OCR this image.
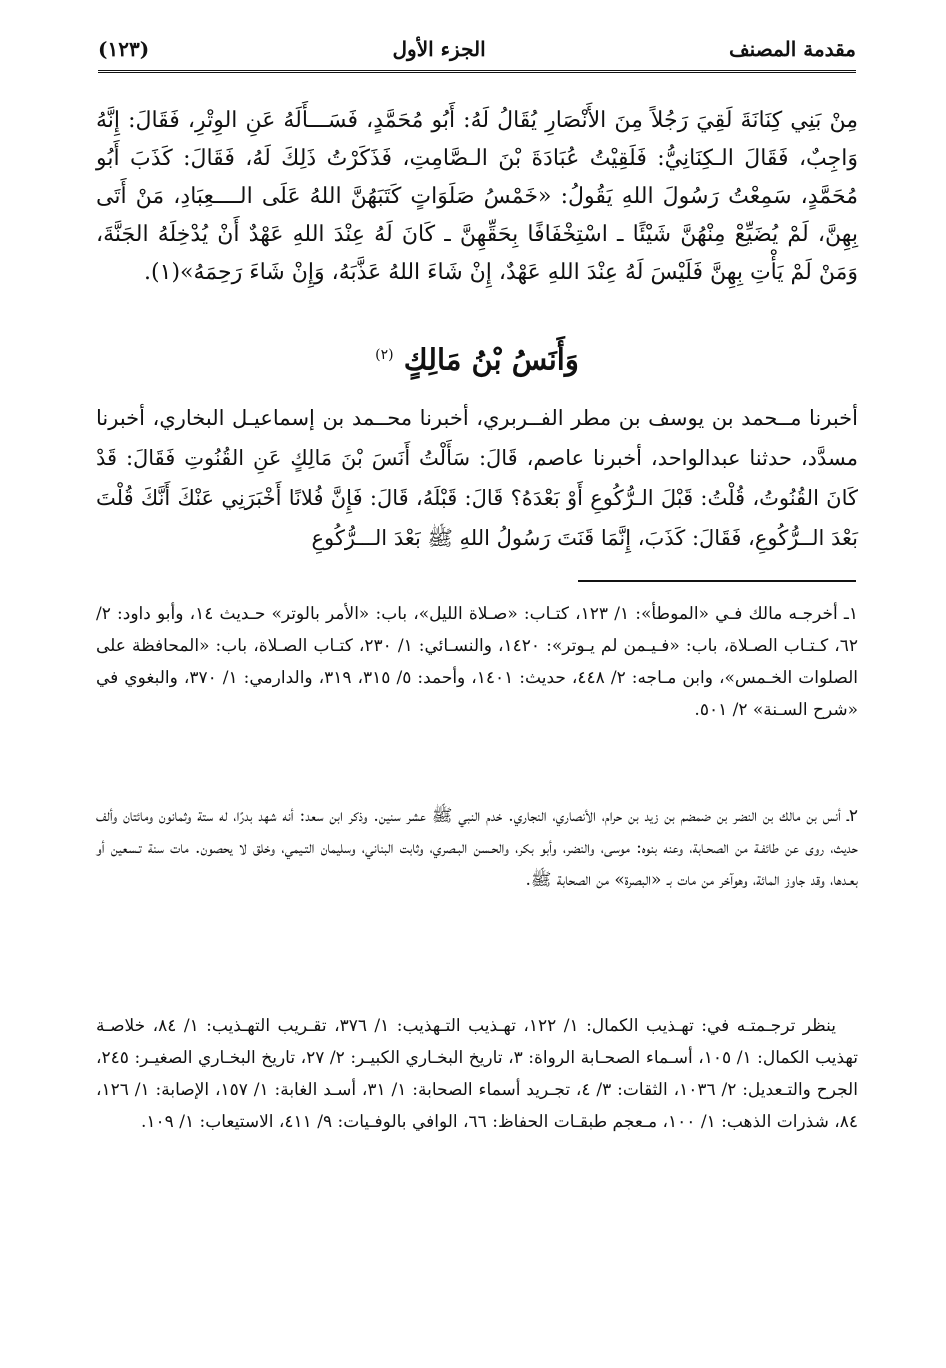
مقدمة المصنف
الجزء الأول
(١٢٣)
مِنْ بَنِي كِنَانَةَ لَقِيَ رَجُلاً مِنَ الأَنْصَارِ يُقَالُ لَهُ: أَبُو مُحَمَّدٍ، فَسَـــأَلَهُ عَنِ الوِتْرِ، فَقَالَ: إِنَّهُ وَاجِبٌ، فَقَالَ الـكِنَانِيُّ: فَلَقِيْتُ عُبَادَةَ بْنَ الـصَّامِتِ، فَذَكَرْتُ ذَلِكَ لَهُ، فَقَالَ: كَذَبَ أَبُو مُحَمَّدٍ، سَمِعْتُ رَسُولَ اللهِ يَقُولُ: «خَمْسُ صَلَوَاتٍ كَتَبَهُنَّ اللهُ عَلَى الــــعِبَادِ، مَنْ أَتَى بِهِنَّ، لَمْ يُضَيِّعْ مِنْهُنَّ شَيْئًا ـ اسْتِخْفَافًا بِحَقِّهِنَّ ـ كَانَ لَهُ عِنْدَ اللهِ عَهْدٌ أَنْ يُدْخِلَهُ الجَنَّةَ، وَمَنْ لَمْ يَأْتِ بِهِنَّ فَلَيْسَ لَهُ عِنْدَ اللهِ عَهْدٌ، إِنْ شَاءَ اللهُ عَذَّبَهُ، وَإِنْ شَاءَ رَحِمَهُ»(١).
وَأَنَسُ بْنُ مَالِكٍ $^{(٢)}$
أخبرنا مــحمد بن يوسف بن مطر الفــربري، أخبرنا محــمد بن إسماعيـل البخاري، أخبرنا مسدَّد، حدثنا عبدالواحد، أخبرنا عاصم، قَالَ: سَأَلْتُ أَنَسَ بْنَ مَالِكٍ عَنِ القُنُوتِ فَقَالَ: قَدْ كَانَ القُنُوتُ، قُلْتُ: قَبْلَ الـرُّكُوعِ أَوْ بَعْدَهُ؟ قَالَ: قَبْلَهُ، قَالَ: فَإِنَّ فُلانًا أَخْبَرَنِي عَنْكَ أَنَّكَ قُلْتَ بَعْدَ الــرُّكُوعِ، فَقَالَ: كَذَبَ، إِنَّمَا قَنَتَ رَسُولُ اللهِ ﷺ بَعْدَ الـــرُّكُوعِ
١ـ أخرجـه مالك فـي «الموطأ»: ١/ ١٢٣، كتـاب: «صـلاة الليل»، باب: «الأمر بالوتر» حـديث ١٤، وأبو داود: ٢/ ٦٢، كـتـاب الصـلاة، باب: «فـيـمن لم يـوتر»: ١٤٢٠، والنسـائي: ١/ ٢٣٠، كتـاب الصـلاة، باب: «المحافظة على الصلوات الخـمس»، وابن مـاجه: ٢/ ٤٤٨، حديث: ١٤٠١، وأحمد: ٥/ ٣١٥، ٣١٩، والدارمي: ١/ ٣٧٠، والبغوي في «شرح السـنة» ٢/ ٥٠١.
٢ـ أنس بن مالك بن النضر بن ضمضم بن زيد بن حرام، الأنصاري، النجاري. خدم النبي ﷺ عشر سنين. وذكر ابن سعد: أنه شهد بدرًا، له ستة وثمانون ومائتان وألف حديث، روى عن طائفـة من الصحـابة، وعنه بنوه: موسى، والنضر، وأبو بكر، والحـسن البـصري، وثابت البناني، وسليمان التـيمي، وخلق لا يحصون. مات سنة تـسعين أو بعـدها، وقد جاوز المائة، وهوآخر من مات بـ «البصرة» من الصحابة ﷺ.

ينظر ترجـمتـه في: تهـذيب الكمال: ١/ ١٢٢، تهـذيب التـهذيب: ١/ ٣٧٦، تقـريب التهـذيب: ١/ ٨٤، خلاصـة تهذيب الكمال: ١/ ١٠٥، أسـماء الصحـابة الرواة: ٣، تاريخ البخـاري الكبيـر: ٢/ ٢٧، تاريخ البخـاري الصغيـر: ٢٤٥، الجرح والتـعديل: ٢/ ١٠٣٦، الثقات: ٣/ ٤، تجـريد أسماء الصحابة: ١/ ٣١، أسـد الغابة: ١/ ١٥٧، الإصابة: ١/ ١٢٦، ٨٤، شذرات الذهب: ١/ ١٠٠، مـعجم طبقـات الحفاظ: ٦٦، الوافي بالوفـيات: ٩/ ٤١١، الاستيعاب: ١/ ١٠٩.
